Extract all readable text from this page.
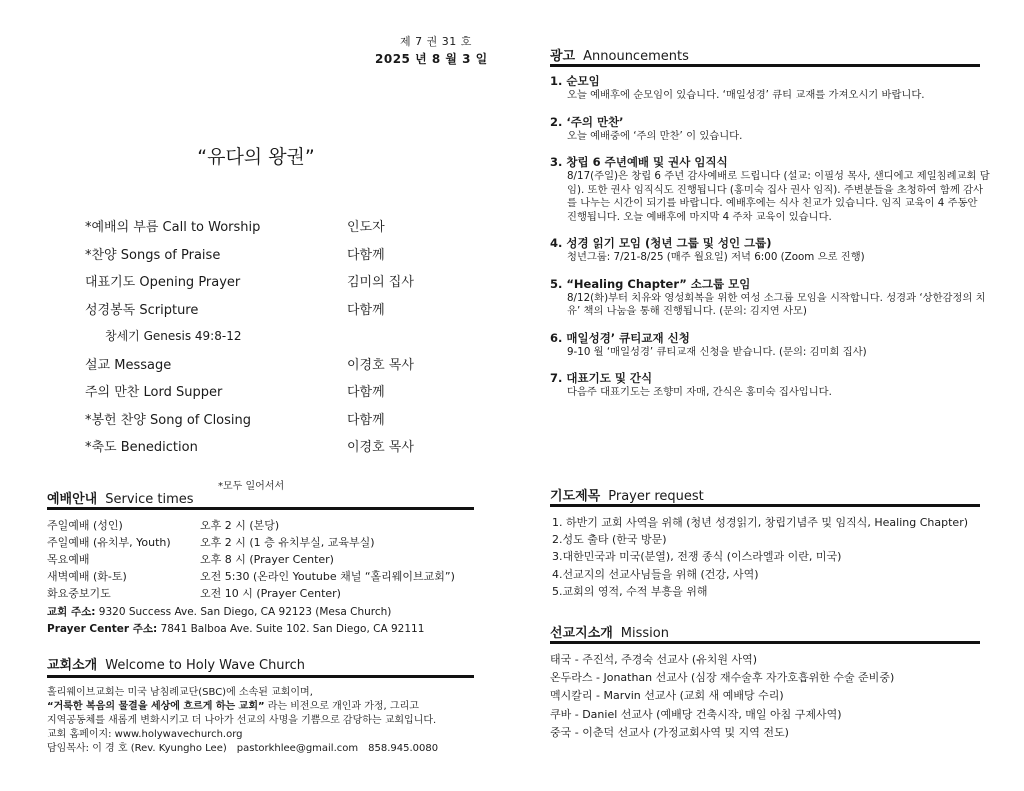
제 7 권 31 호
2025 년 8 월 3 일
“유다의 왕권”
*예배의 부름 Call to Worship	인도자
*찬양 Songs of Praise	다함께
대표기도 Opening Prayer	김미의 집사
성경봉독 Scripture	다함께
창세기 Genesis 49:8-12
설교 Message	이경호 목사
주의 만찬 Lord Supper	다함께
*봉헌 찬양 Song of Closing	다함께
*축도 Benediction	이경호 목사
*모두 일어서서
예배안내 Service times
주일예배 (성인)	오후 2 시 (본당)
주일예배 (유치부, Youth)	오후 2 시 (1 층 유치부실, 교육부실)
목요예배	오후 8 시 (Prayer Center)
새벽예배 (화-토)	오전 5:30 (온라인 Youtube 채널 “홀리웨이브교회”)
화요중보기도	오전 10 시 (Prayer Center)
교회 주소: 9320 Success Ave. San Diego, CA 92123 (Mesa Church)
Prayer Center 주소: 7841 Balboa Ave. Suite 102. San Diego, CA 92111
교회소개 Welcome to Holy Wave Church
홀리웨이브교회는 미국 남침례교단(SBC)에 소속된 교회이며,
“거룩한 복음의 물결을 세상에 흐르게 하는 교회” 라는 비전으로 개인과 가정, 그리고
지역공동체를 새롭게 변화시키고 더 나아가 선교의 사명을 기쁨으로 감당하는 교회입니다.
교회 홈페이지: www.holywavechurch.org
담임목사: 이 경 호 (Rev. Kyungho Lee) pastorkhlee@gmail.com 858.945.0080
광고 Announcements
1. 순모임
오늘 예배후에 순모임이 있습니다. ‘매일성경’ 큐티 교재를 가져오시기 바랍니다.
2. ‘주의 만찬’
오늘 예배중에 ‘주의 만찬’ 이 있습니다.
3. 창립 6 주년예배 및 권사 임직식
8/17(주일)은 창립 6 주년 감사예배로 드립니다 (설교: 이필성 목사, 샌디에고 제일침례교회 담임). 또한 권사 임직식도 진행됩니다 (홍미숙 집사 권사 임직). 주변분들을 초청하여 함께 감사를 나누는 시간이 되기를 바랍니다. 예배후에는 식사 친교가 있습니다. 임직 교육이 4 주동안 진행됩니다. 오늘 예배후에 마지막 4 주차 교육이 있습니다.
4. 성경 읽기 모임 (청년 그룹 및 성인 그룹)
청년그룹: 7/21-8/25 (매주 월요일) 저녁 6:00 (Zoom 으로 진행)
5. “Healing Chapter” 소그룹 모임
8/12(화)부터 치유와 영성회복을 위한 여성 소그룹 모임을 시작합니다. 성경과 ‘상한감정의 치유’ 책의 나눔을 통해 진행됩니다. (문의: 김지연 사모)
6. 매일성경’ 큐티교재 신청
9-10 월 ‘매일성경’ 큐티교재 신청을 받습니다. (문의: 김미희 집사)
7. 대표기도 및 간식
다음주 대표기도는 조향미 자매, 간식은 홍미숙 집사입니다.
기도제목 Prayer request
1. 하반기 교회 사역을 위해 (청년 성경읽기, 창립기념주 및 임직식, Healing Chapter)
2.성도 출타 (한국 방문)
3.대한민국과 미국(분열), 전쟁 종식 (이스라엘과 이란, 미국)
4.선교지의 선교사님들을 위해 (건강, 사역)
5.교회의 영적, 수적 부흥을 위해
선교지소개 Mission
태국 - 주진석, 주경숙 선교사 (유치원 사역)
온두라스 - Jonathan 선교사 (심장 재수술후 자가호흡위한 수술 준비중)
멕시칼리 - Marvin 선교사 (교회 새 예배당 수리)
쿠바 - Daniel 선교사 (예배당 건축시작, 매일 아침 구제사역)
중국 - 이춘덕 선교사 (가정교회사역 및 지역 전도)
